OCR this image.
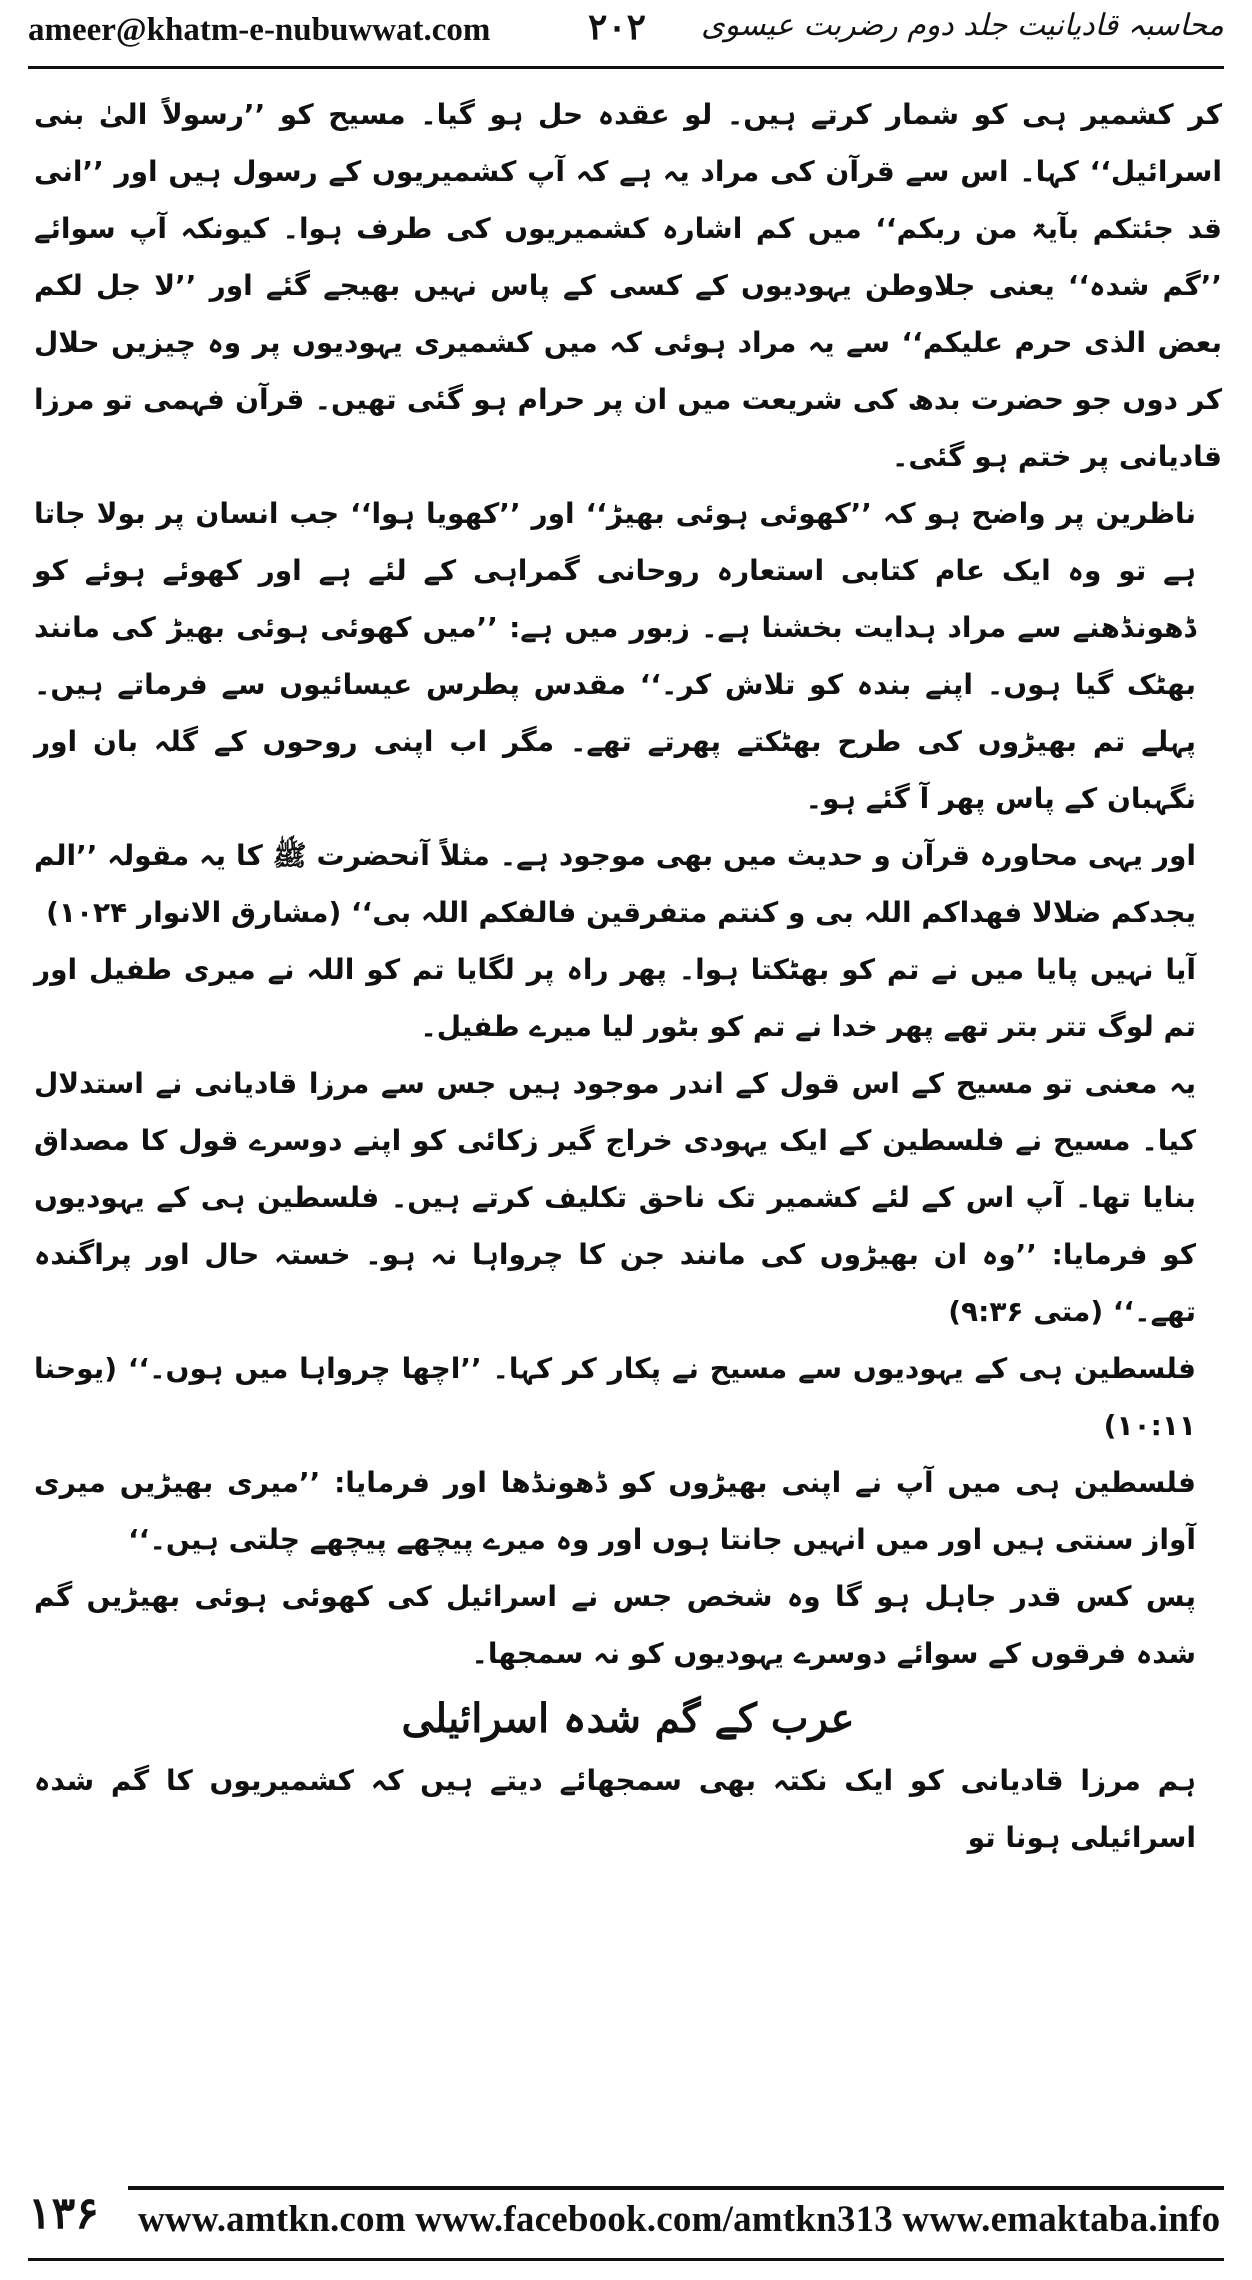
ameer@khatm-e-nubuwwat.com	۲۰۲ محاسبہ قادیانیت جلد دوم رضربت عیسوی

کر کشمیر ہی کو شمار کرتے ہیں۔ لو عقدہ حل ہو گیا۔ مسیح کو ’’رسولاً الیٰ بنی اسرائیل‘‘ کہا۔ اس سے قرآن کی مراد یہ ہے کہ آپ کشمیریوں کے رسول ہیں اور ’’انی قد جئتکم بآیۃ من ربکم‘‘ میں کم اشارہ کشمیریوں کی طرف ہوا۔ کیونکہ آپ سوائے ’’گم شدہ‘‘ یعنی جلاوطن یہودیوں کے کسی کے پاس نہیں بھیجے گئے اور ’’لا جل لکم بعض الذی حرم علیکم‘‘ سے یہ مراد ہوئی کہ میں کشمیری یہودیوں پر وہ چیزیں حلال کر دوں جو حضرت بدھ کی شریعت میں ان پر حرام ہو گئی تھیں۔ قرآن فہمی تو مرزا قادیانی پر ختم ہو گئی۔

ناظرین پر واضح ہو کہ ’’کھوئی ہوئی بھیڑ‘‘ اور ’’کھویا ہوا‘‘ جب انسان پر بولا جاتا ہے تو وہ ایک عام کتابی استعارہ روحانی گمراہی کے لئے ہے اور کھوئے ہوئے کو ڈھونڈھنے سے مراد ہدایت بخشنا ہے۔ زبور میں ہے: ’’میں کھوئی ہوئی بھیڑ کی مانند بھٹک گیا ہوں۔ اپنے بندہ کو تلاش کر۔‘‘ مقدس پطرس عیسائیوں سے فرماتے ہیں۔ پہلے تم بھیڑوں کی طرح بھٹکتے پھرتے تھے۔ مگر اب اپنی روحوں کے گلہ بان اور نگہبان کے پاس پھر آ گئے ہو۔

اور یہی محاورہ قرآن و حدیث میں بھی موجود ہے۔ مثلاً آنحضرت ﷺ کا یہ مقولہ ’’الم یجدکم ضلالا فھداکم اللہ بی و کنتم متفرقین فالفکم اللہ بی‘‘ (مشارق الانوار ۱۰۲۴)

آیا نہیں پایا میں نے تم کو بھٹکتا ہوا۔ پھر راہ پر لگایا تم کو اللہ نے میری طفیل اور تم لوگ تتر بتر تھے پھر خدا نے تم کو بٹور لیا میرے طفیل۔

یہ معنی تو مسیح کے اس قول کے اندر موجود ہیں جس سے مرزا قادیانی نے استدلال کیا۔ مسیح نے فلسطین کے ایک یہودی خراج گیر زکائی کو اپنے دوسرے قول کا مصداق بنایا تھا۔ آپ اس کے لئے کشمیر تک ناحق تکلیف کرتے ہیں۔ فلسطین ہی کے یہودیوں کو فرمایا: ’’وہ ان بھیڑوں کی مانند جن کا چرواہا نہ ہو۔ خستہ حال اور پراگندہ تھے۔‘‘ (متی ۹:۳۶)

فلسطین ہی کے یہودیوں سے مسیح نے پکار کر کہا۔ ’’اچھا چرواہا میں ہوں۔‘‘ (یوحنا ۱۰:۱۱)

فلسطین ہی میں آپ نے اپنی بھیڑوں کو ڈھونڈھا اور فرمایا: ’’میری بھیڑیں میری آواز سنتی ہیں اور میں انہیں جانتا ہوں اور وہ میرے پیچھے پیچھے چلتی ہیں۔‘‘

پس کس قدر جاہل ہو گا وہ شخص جس نے اسرائیل کی کھوئی ہوئی بھیڑیں گم شدہ فرقوں کے سوائے دوسرے یہودیوں کو نہ سمجھا۔

عرب کے گم شدہ اسرائیلی

ہم مرزا قادیانی کو ایک نکتہ بھی سمجھائے دیتے ہیں کہ کشمیریوں کا گم شدہ اسرائیلی ہونا تو

۱۳۶ www.amtkn.com www.facebook.com/amtkn313 www.emaktaba.info
